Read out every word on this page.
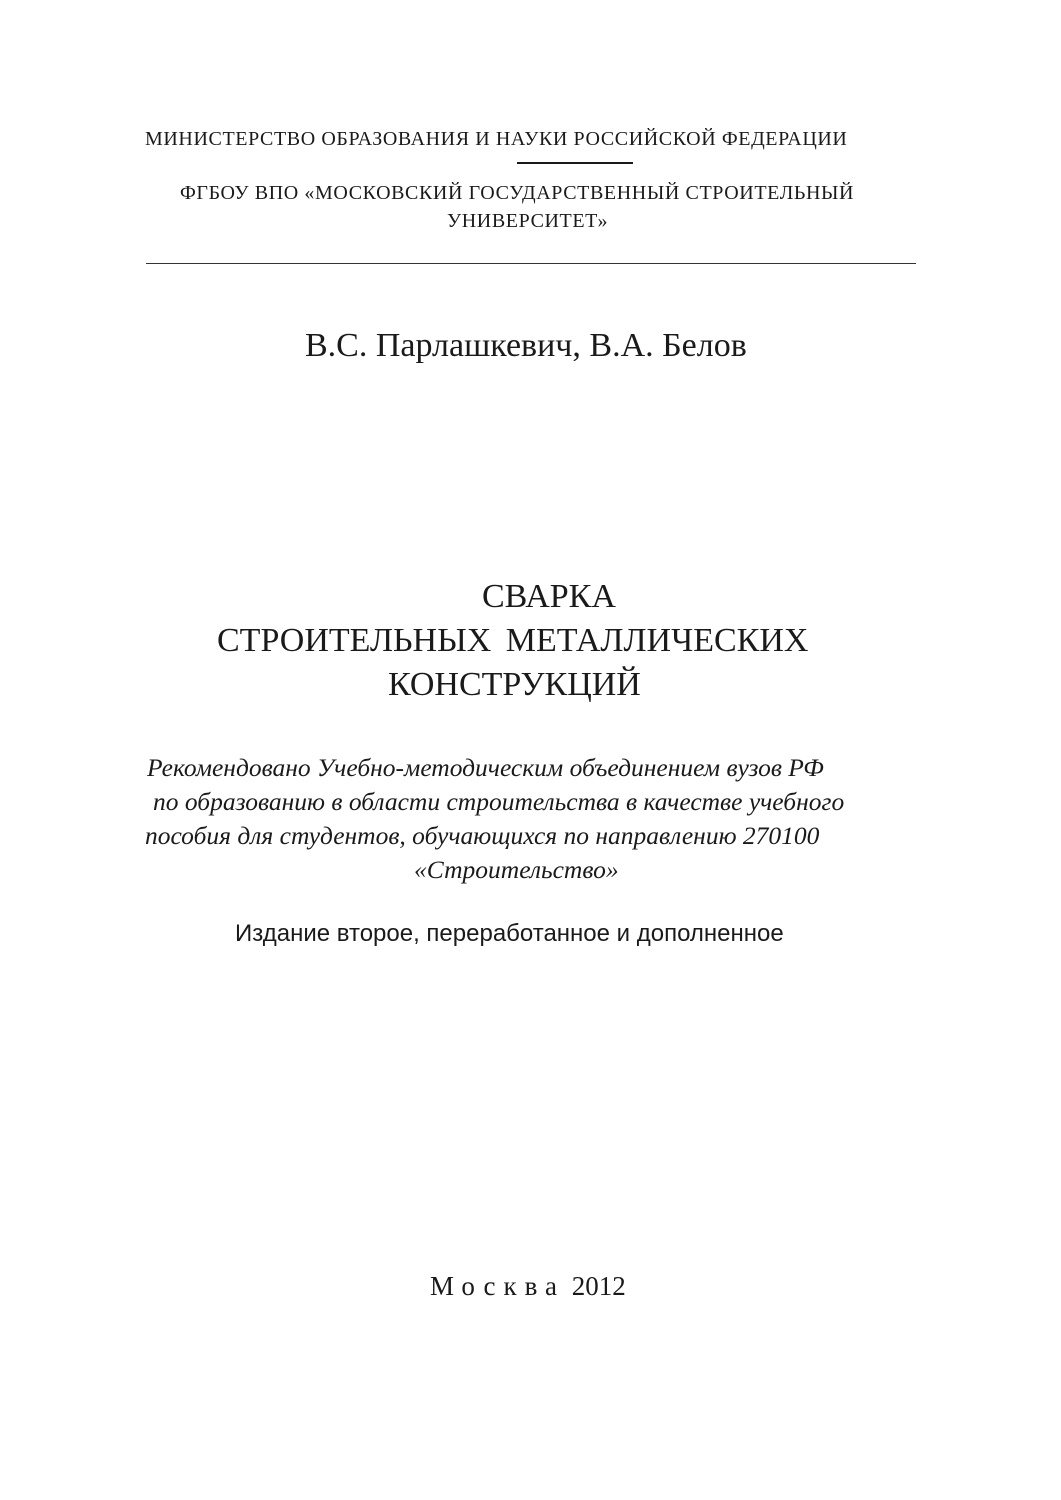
МИНИСТЕРСТВО ОБРАЗОВАНИЯ И НАУКИ РОССИЙСКОЙ ФЕДЕРАЦИИ
ФГБОУ ВПО «МОСКОВСКИЙ ГОСУДАРСТВЕННЫЙ СТРОИТЕЛЬНЫЙ
УНИВЕРСИТЕТ»
В.С. Парлашкевич, В.А. Белов
СВАРКА
СТРОИТЕЛЬНЫХ МЕТАЛЛИЧЕСКИХ
КОНСТРУКЦИЙ
Рекомендовано Учебно-методическим объединением вузов РФ
по образованию в области строительства в качестве учебного
пособия для студентов, обучающихся по направлению 270100
«Строительство»
Издание второе, переработанное и дополненное
Москва 2012
